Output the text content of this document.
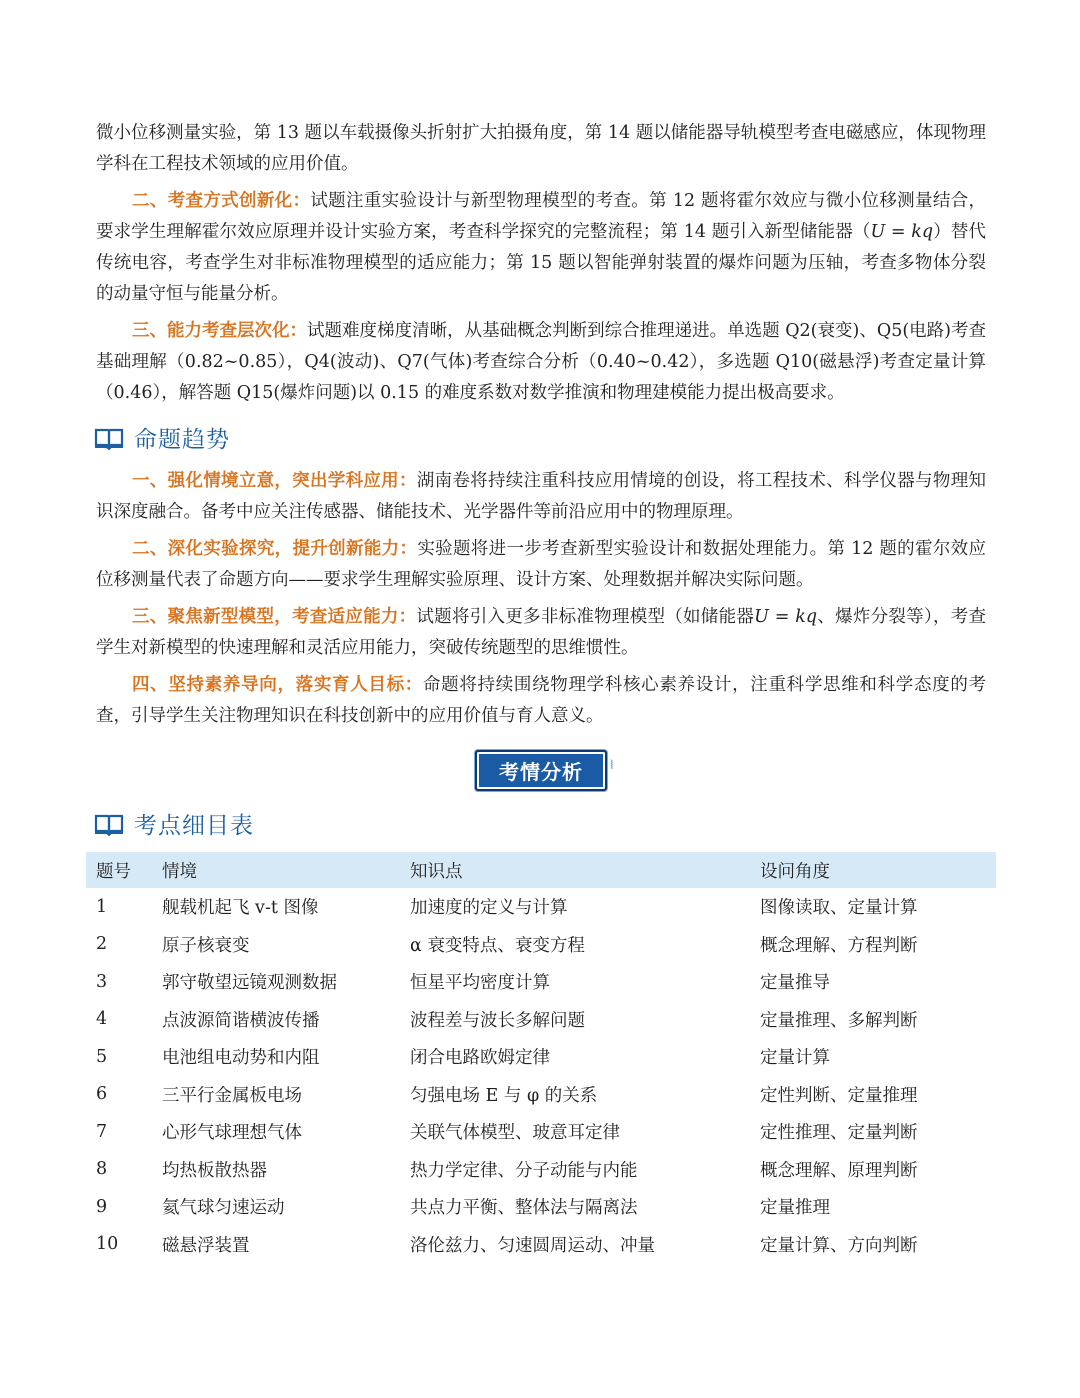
微小位移测量实验，第 13 题以车载摄像头折射扩大拍摄角度，第 14 题以储能器导轨模型考查电磁感应，体现物理学科在工程技术领域的应用价值。

二、考查方式创新化：试题注重实验设计与新型物理模型的考查。第 12 题将霍尔效应与微小位移测量结合，要求学生理解霍尔效应原理并设计实验方案，考查科学探究的完整流程；第 14 题引入新型储能器（U = kq）替代传统电容，考查学生对非标准物理模型的适应能力；第 15 题以智能弹射装置的爆炸问题为压轴，考查多物体分裂的动量守恒与能量分析。

三、能力考查层次化：试题难度梯度清晰，从基础概念判断到综合推理递进。单选题 Q2(衰变)、Q5(电路)考查基础理解（0.82~0.85），Q4(波动)、Q7(气体)考查综合分析（0.40~0.42），多选题 Q10(磁悬浮)考查定量计算（0.46），解答题 Q15(爆炸问题)以 0.15 的难度系数对数学推演和物理建模能力提出极高要求。

命题趋势

一、强化情境立意，突出学科应用：湖南卷将持续注重科技应用情境的创设，将工程技术、科学仪器与物理知识深度融合。备考中应关注传感器、储能技术、光学器件等前沿应用中的物理原理。

二、深化实验探究，提升创新能力：实验题将进一步考查新型实验设计和数据处理能力。第 12 题的霍尔效应位移测量代表了命题方向——要求学生理解实验原理、设计方案、处理数据并解决实际问题。

三、聚焦新型模型，考查适应能力：试题将引入更多非标准物理模型（如储能器U = kq、爆炸分裂等），考查学生对新模型的快速理解和灵活应用能力，突破传统题型的思维惯性。

四、坚持素养导向，落实育人目标：命题将持续围绕物理学科核心素养设计，注重科学思维和科学态度的考查，引导学生关注物理知识在科技创新中的应用价值与育人意义。

考情分析 ⦚
考点细目表
题号	情境	知识点	设问角度
1	舰载机起飞 v-t 图像	加速度的定义与计算	图像读取、定量计算
2	原子核衰变	α 衰变特点、衰变方程	概念理解、方程判断
3	郭守敬望远镜观测数据	恒星平均密度计算	定量推导
4	点波源简谐横波传播	波程差与波长多解问题	定量推理、多解判断
5	电池组电动势和内阻	闭合电路欧姆定律	定量计算
6	三平行金属板电场	匀强电场 E 与 φ 的关系	定性判断、定量推理
7	心形气球理想气体	关联气体模型、玻意耳定律	定性推理、定量判断
8	均热板散热器	热力学定律、分子动能与内能	概念理解、原理判断
9	氦气球匀速运动	共点力平衡、整体法与隔离法	定量推理
10	磁悬浮装置	洛伦兹力、匀速圆周运动、冲量	定量计算、方向判断
